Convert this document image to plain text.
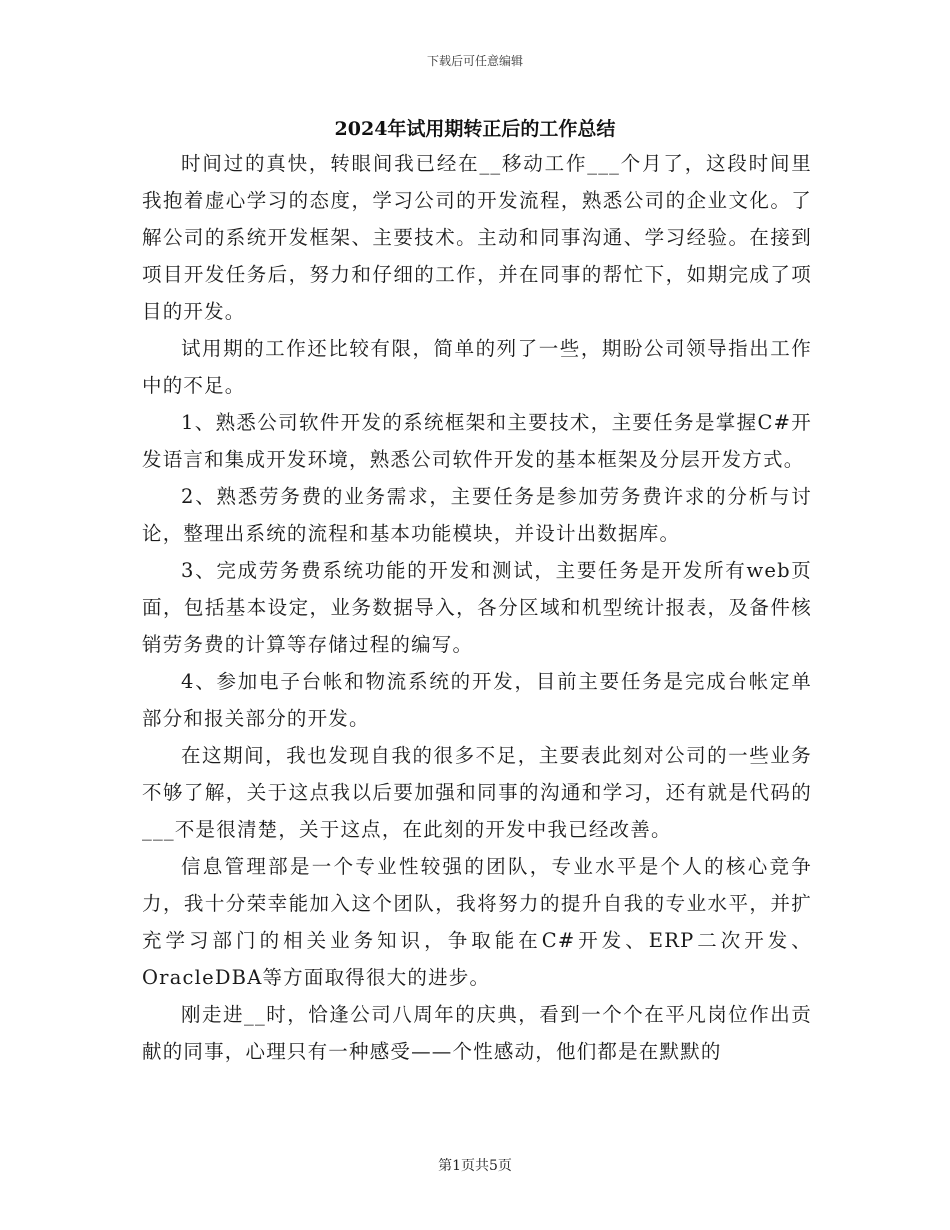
下载后可任意编辑
2024年试用期转正后的工作总结

时间过的真快，转眼间我已经在__移动工作___个月了，这段时间里我抱着虚心学习的态度，学习公司的开发流程，熟悉公司的企业文化。了解公司的系统开发框架、主要技术。主动和同事沟通、学习经验。在接到项目开发任务后，努力和仔细的工作，并在同事的帮忙下，如期完成了项目的开发。

试用期的工作还比较有限，简单的列了一些，期盼公司领导指出工作中的不足。

1、熟悉公司软件开发的系统框架和主要技术，主要任务是掌握C#开发语言和集成开发环境，熟悉公司软件开发的基本框架及分层开发方式。

2、熟悉劳务费的业务需求，主要任务是参加劳务费许求的分析与讨论，整理出系统的流程和基本功能模块，并设计出数据库。

3、完成劳务费系统功能的开发和测试，主要任务是开发所有web页面，包括基本设定，业务数据导入，各分区域和机型统计报表，及备件核销劳务费的计算等存储过程的编写。

4、参加电子台帐和物流系统的开发，目前主要任务是完成台帐定单部分和报关部分的开发。

在这期间，我也发现自我的很多不足，主要表此刻对公司的一些业务不够了解，关于这点我以后要加强和同事的沟通和学习，还有就是代码的___不是很清楚，关于这点，在此刻的开发中我已经改善。

信息管理部是一个专业性较强的团队，专业水平是个人的核心竞争力，我十分荣幸能加入这个团队，我将努力的提升自我的专业水平，并扩充学习部门的相关业务知识，争取能在C#开发、ERP二次开发、OracleDBA等方面取得很大的进步。

刚走进__时，恰逢公司八周年的庆典，看到一个个在平凡岗位作出贡献的同事，心理只有一种感受——个性感动，他们都是在默默的

第1页共5页
